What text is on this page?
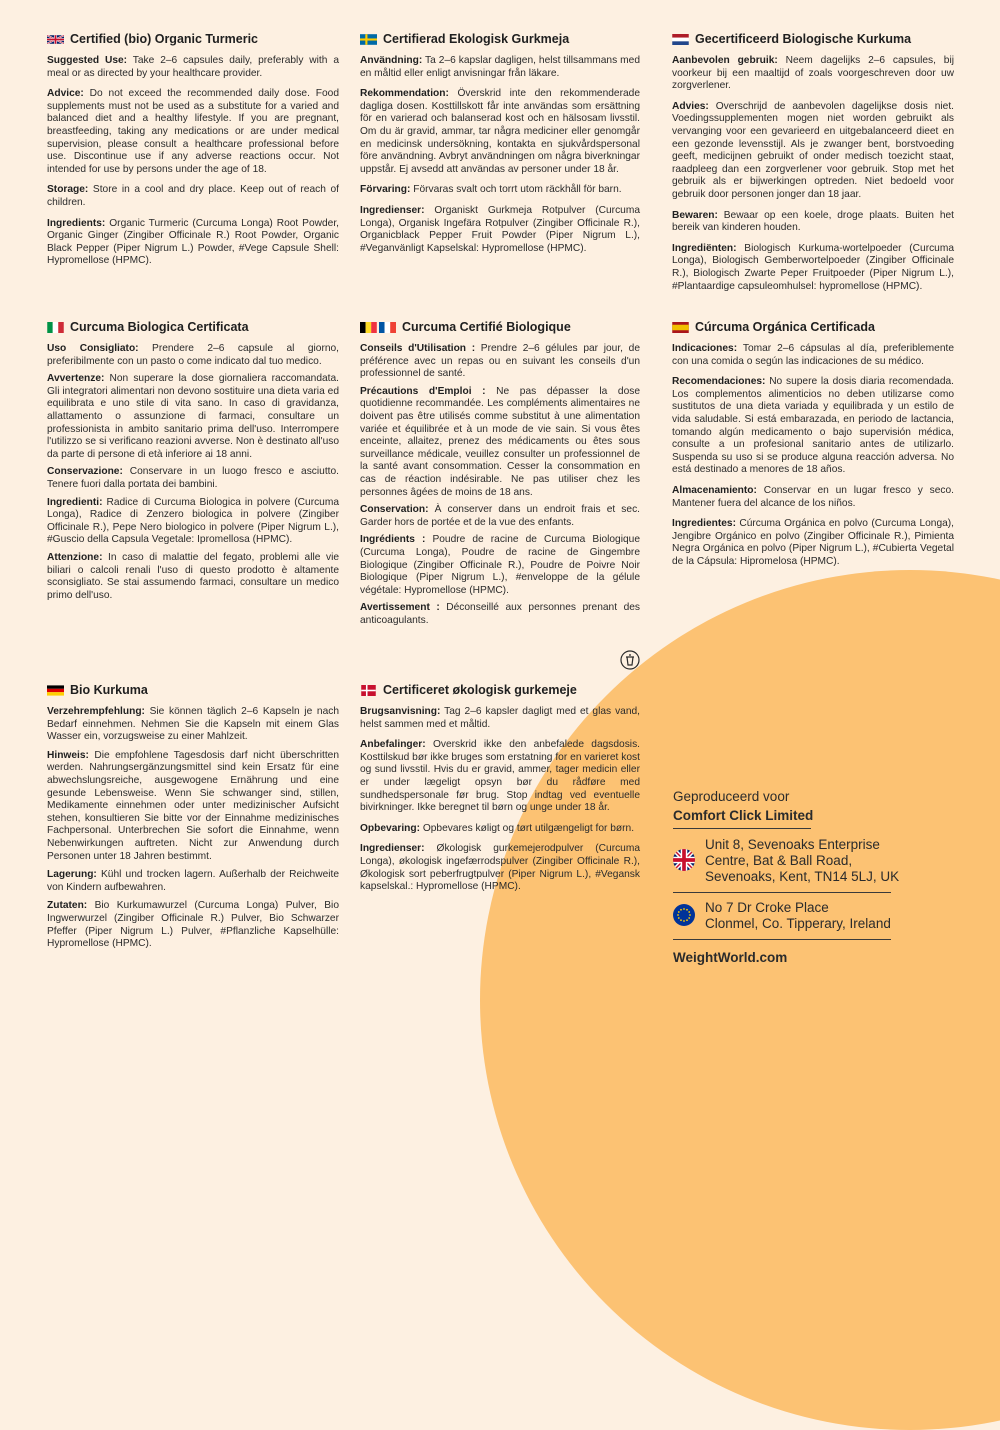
Certified (bio) Organic Turmeric

Suggested Use: Take 2–6 capsules daily, preferably with a meal or as directed by your healthcare provider.

Advice: Do not exceed the recommended daily dose. Food supplements must not be used as a substitute for a varied and balanced diet and a healthy lifestyle. If you are pregnant, breastfeeding, taking any medications or are under medical supervision, please consult a healthcare professional before use. Discontinue use if any adverse reactions occur. Not intended for use by persons under the age of 18.

Storage: Store in a cool and dry place. Keep out of reach of children.

Ingredients: Organic Turmeric (Curcuma Longa) Root Powder, Organic Ginger (Zingiber Officinale R.) Root Powder, Organic Black Pepper (Piper Nigrum L.) Powder, #Vege Capsule Shell: Hypromellose (HPMC).

Certifierad Ekologisk Gurkmeja

Användning: Ta 2–6 kapslar dagligen, helst tillsammans med en måltid eller enligt anvisningar från läkare.

Rekommendation: Överskrid inte den rekommenderade dagliga dosen. Kosttillskott får inte användas som ersättning för en varierad och balanserad kost och en hälsosam livsstil. Om du är gravid, ammar, tar några mediciner eller genomgår en medicinsk undersökning, kontakta en sjukvårdspersonal före användning. Avbryt användningen om några biverkningar uppstår. Ej avsedd att användas av personer under 18 år.

Förvaring: Förvaras svalt och torrt utom räckhåll för barn.

Ingredienser: Organiskt Gurkmeja Rotpulver (Curcuma Longa), Organisk Ingefära Rotpulver (Zingiber Officinale R.), Organicblack Pepper Fruit Powder (Piper Nigrum L.), #Veganvänligt Kapselskal: Hypromellose (HPMC).

Gecertificeerd Biologische Kurkuma

Aanbevolen gebruik: Neem dagelijks 2–6 capsules, bij voorkeur bij een maaltijd of zoals voorgeschreven door uw zorgverlener.

Advies: Overschrijd de aanbevolen dagelijkse dosis niet. Voedingssupplementen mogen niet worden gebruikt als vervanging voor een gevarieerd en uitgebalanceerd dieet en een gezonde levensstijl. Als je zwanger bent, borstvoeding geeft, medicijnen gebruikt of onder medisch toezicht staat, raadpleeg dan een zorgverlener voor gebruik. Stop met het gebruik als er bijwerkingen optreden. Niet bedoeld voor gebruik door personen jonger dan 18 jaar.

Bewaren: Bewaar op een koele, droge plaats. Buiten het bereik van kinderen houden.

Ingrediënten: Biologisch Kurkuma-wortelpoeder (Curcuma Longa), Biologisch Gemberwortelpoeder (Zingiber Officinale R.), Biologisch Zwarte Peper Fruitpoeder (Piper Nigrum L.), #Plantaardige capsuleomhulsel: hypromellose (HPMC).

Curcuma Biologica Certificata

Uso Consigliato: Prendere 2–6 capsule al giorno, preferibilmente con un pasto o come indicato dal tuo medico.

Avvertenze: Non superare la dose giornaliera raccomandata. Gli integratori alimentari non devono sostituire una dieta varia ed equilibrata e uno stile di vita sano. In caso di gravidanza, allattamento o assunzione di farmaci, consultare un professionista in ambito sanitario prima dell'uso. Interrompere l'utilizzo se si verificano reazioni avverse. Non è destinato all'uso da parte di persone di età inferiore ai 18 anni.

Conservazione: Conservare in un luogo fresco e asciutto. Tenere fuori dalla portata dei bambini.

Ingredienti: Radice di Curcuma Biologica in polvere (Curcuma Longa), Radice di Zenzero biologica in polvere (Zingiber Officinale R.), Pepe Nero biologico in polvere (Piper Nigrum L.), #Guscio della Capsula Vegetale: Ipromellosa (HPMC).

Attenzione: In caso di malattie del fegato, problemi alle vie biliari o calcoli renali l'uso di questo prodotto è altamente sconsigliato. Se stai assumendo farmaci, consultare un medico primo dell'uso.

Curcuma Certifié Biologique

Conseils d'Utilisation : Prendre 2–6 gélules par jour, de préférence avec un repas ou en suivant les conseils d'un professionnel de santé.

Précautions d'Emploi : Ne pas dépasser la dose quotidienne recommandée. Les compléments alimentaires ne doivent pas être utilisés comme substitut à une alimentation variée et équilibrée et à un mode de vie sain. Si vous êtes enceinte, allaitez, prenez des médicaments ou êtes sous surveillance médicale, veuillez consulter un professionnel de la santé avant consommation. Cesser la consommation en cas de réaction indésirable. Ne pas utiliser chez les personnes âgées de moins de 18 ans.

Conservation: À conserver dans un endroit frais et sec. Garder hors de portée et de la vue des enfants.

Ingrédients : Poudre de racine de Curcuma Biologique (Curcuma Longa), Poudre de racine de Gingembre Biologique (Zingiber Officinale R.), Poudre de Poivre Noir Biologique (Piper Nigrum L.), #enveloppe de la gélule végétale: Hypromellose (HPMC).

Avertissement : Déconseillé aux personnes prenant des anticoagulants.

Cúrcuma Orgánica Certificada

Indicaciones: Tomar 2–6 cápsulas al día, preferiblemente con una comida o según las indicaciones de su médico.

Recomendaciones: No supere la dosis diaria recomendada. Los complementos alimenticios no deben utilizarse como sustitutos de una dieta variada y equilibrada y un estilo de vida saludable. Si está embarazada, en periodo de lactancia, tomando algún medicamento o bajo supervisión médica, consulte a un profesional sanitario antes de utilizarlo. Suspenda su uso si se produce alguna reacción adversa. No está destinado a menores de 18 años.

Almacenamiento: Conservar en un lugar fresco y seco. Mantener fuera del alcance de los niños.

Ingredientes: Cúrcuma Orgánica en polvo (Curcuma Longa), Jengibre Orgánico en polvo (Zingiber Officinale R.), Pimienta Negra Orgánica en polvo (Piper Nigrum L.), #Cubierta Vegetal de la Cápsula: Hipromelosa (HPMC).

Bio Kurkuma

Verzehrempfehlung: Sie können täglich 2–6 Kapseln je nach Bedarf einnehmen. Nehmen Sie die Kapseln mit einem Glas Wasser ein, vorzugsweise zu einer Mahlzeit.

Hinweis: Die empfohlene Tagesdosis darf nicht überschritten werden. Nahrungsergänzungsmittel sind kein Ersatz für eine abwechslungsreiche, ausgewogene Ernährung und eine gesunde Lebensweise. Wenn Sie schwanger sind, stillen, Medikamente einnehmen oder unter medizinischer Aufsicht stehen, konsultieren Sie bitte vor der Einnahme medizinisches Fachpersonal. Unterbrechen Sie sofort die Einnahme, wenn Nebenwirkungen auftreten. Nicht zur Anwendung durch Personen unter 18 Jahren bestimmt.

Lagerung: Kühl und trocken lagern. Außerhalb der Reichweite von Kindern aufbewahren.

Zutaten: Bio Kurkumawurzel (Curcuma Longa) Pulver, Bio Ingwerwurzel (Zingiber Officinale R.) Pulver, Bio Schwarzer Pfeffer (Piper Nigrum L.) Pulver, #Pflanzliche Kapselhülle: Hypromellose (HPMC).

Certificeret økologisk gurkemeje

Brugsanvisning: Tag 2–6 kapsler dagligt med et glas vand, helst sammen med et måltid.

Anbefalinger: Overskrid ikke den anbefalede dagsdosis. Kosttilskud bør ikke bruges som erstatning for en varieret kost og sund livsstil. Hvis du er gravid, ammer, tager medicin eller er under lægeligt opsyn bør du rådføre med sundhedspersonale før brug. Stop indtag ved eventuelle bivirkninger. Ikke beregnet til børn og unge under 18 år.

Opbevaring: Opbevares køligt og tørt utilgængeligt for børn.

Ingredienser: Økologisk gurkemejerodpulver (Curcuma Longa), økologisk ingefærrodspulver (Zingiber Officinale R.), Økologisk sort peberfrugtpulver (Piper Nigrum L.), #Vegansk kapselskal.: Hypromellose (HPMC).

Geproduceerd voor
Comfort Click Limited
Unit 8, Sevenoaks Enterprise
Centre, Bat & Ball Road,
Sevenoaks, Kent, TN14 5LJ, UK
No 7 Dr Croke Place
Clonmel, Co. Tipperary, Ireland
WeightWorld.com
